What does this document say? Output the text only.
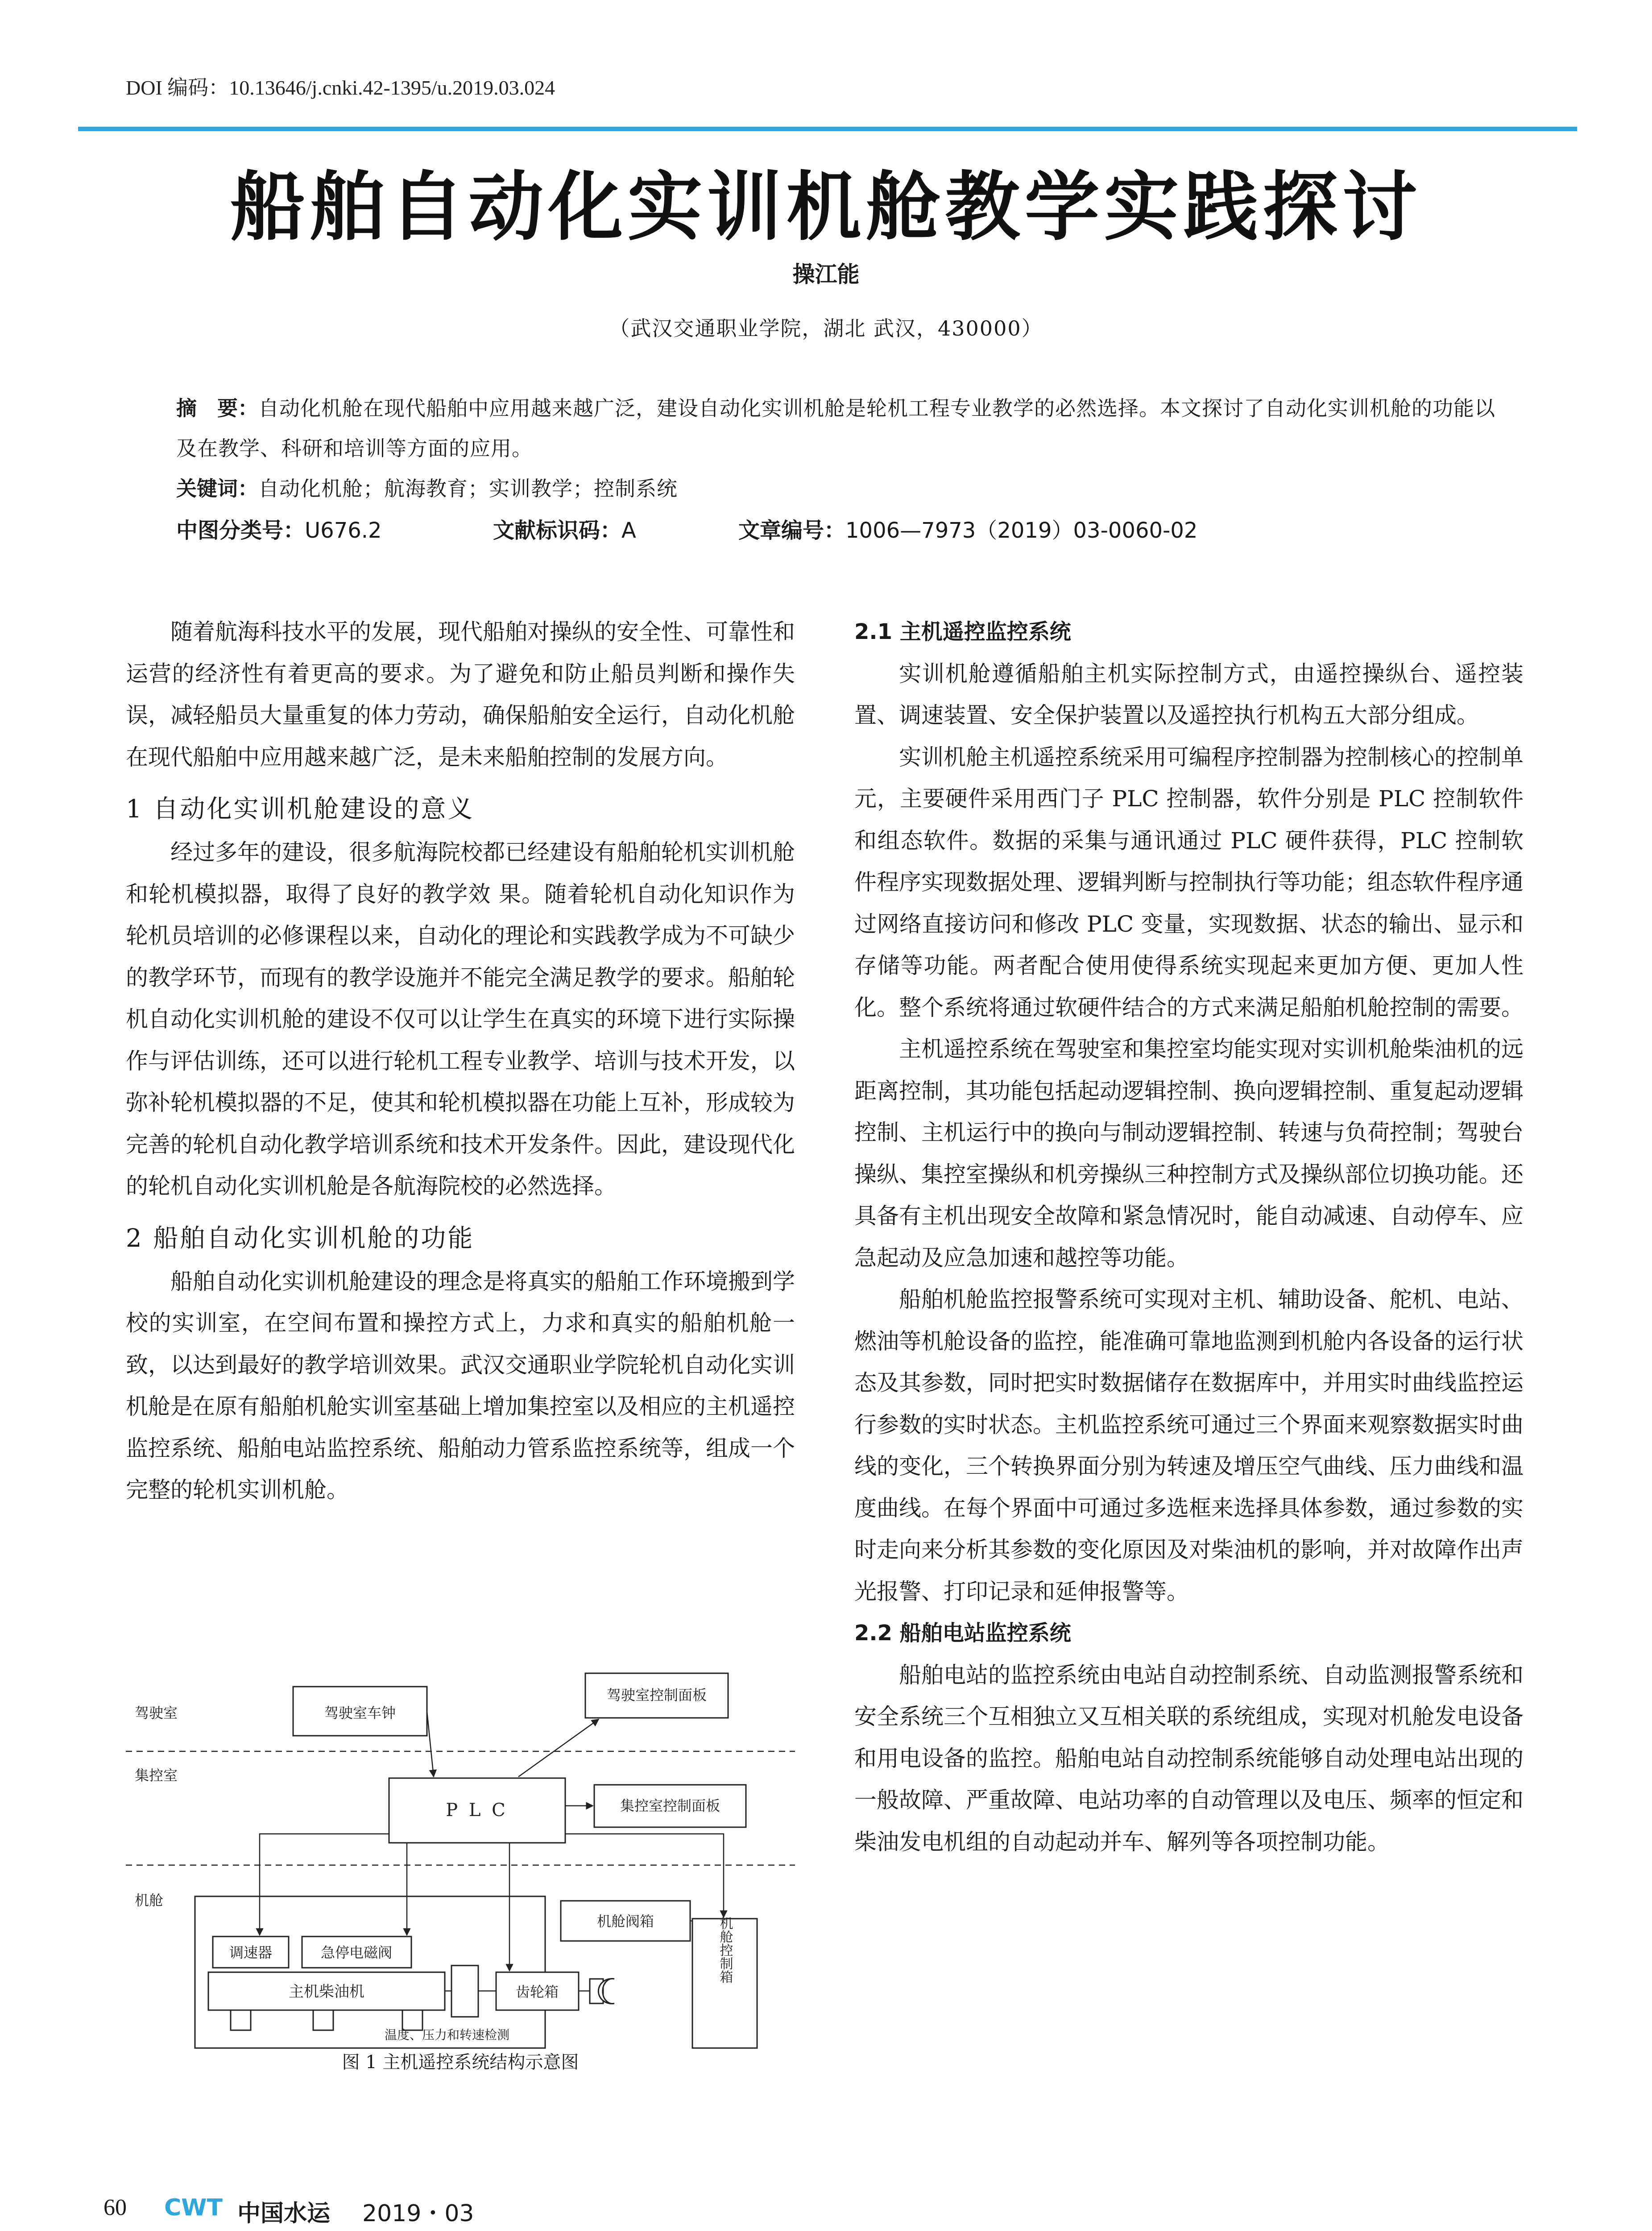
DOI 编码：10.13646/j.cnki.42-1395/u.2019.03.024
船舶自动化实训机舱教学实践探讨
操江能
（武汉交通职业学院，湖北 武汉，430000）
摘　要：自动化机舱在现代船舶中应用越来越广泛，建设自动化实训机舱是轮机工程专业教学的必然选择。本文探讨了自动化实训机舱的功能以及在教学、科研和培训等方面的应用。
关键词：自动化机舱；航海教育；实训教学；控制系统
中图分类号：U676.2	文献标识码：A	文章编号：1006—7973（2019）03-0060-02

随着航海科技水平的发展，现代船舶对操纵的安全性、可靠性和运营的经济性有着更高的要求。为了避免和防止船员判断和操作失误，减轻船员大量重复的体力劳动，确保船舶安全运行，自动化机舱在现代船舶中应用越来越广泛，是未来船舶控制的发展方向。

1 自动化实训机舱建设的意义

经过多年的建设，很多航海院校都已经建设有船舶轮机实训机舱和轮机模拟器，取得了良好的教学效 果。随着轮机自动化知识作为轮机员培训的必修课程以来，自动化的理论和实践教学成为不可缺少的教学环节，而现有的教学设施并不能完全满足教学的要求。船舶轮机自动化实训机舱的建设不仅可以让学生在真实的环境下进行实际操作与评估训练，还可以进行轮机工程专业教学、培训与技术开发，以弥补轮机模拟器的不足，使其和轮机模拟器在功能上互补，形成较为完善的轮机自动化教学培训系统和技术开发条件。因此，建设现代化的轮机自动化实训机舱是各航海院校的必然选择。

2 船舶自动化实训机舱的功能

船舶自动化实训机舱建设的理念是将真实的船舶工作环境搬到学校的实训室，在空间布置和操控方式上，力求和真实的船舶机舱一致，以达到最好的教学培训效果。武汉交通职业学院轮机自动化实训机舱是在原有船舶机舱实训室基础上增加集控室以及相应的主机遥控监控系统、船舶电站监控系统、船舶动力管系监控系统等，组成一个完整的轮机实训机舱。

驾驶室
集控室
机舱
驾驶室车钟
驾驶室控制面板
P L C	集控室控制面板
调速器	急停电磁阀
主机柴油机	齿轮箱
机舱阀箱	机舱控制箱
温度、压力和转速检测
图 1 主机遥控系统结构示意图
2.1 主机遥控监控系统

实训机舱遵循船舶主机实际控制方式，由遥控操纵台、遥控装置、调速装置、安全保护装置以及遥控执行机构五大部分组成。

实训机舱主机遥控系统采用可编程序控制器为控制核心的控制单元，主要硬件采用西门子 PLC 控制器，软件分别是 PLC 控制软件和组态软件。数据的采集与通讯通过 PLC 硬件获得，PLC 控制软件程序实现数据处理、逻辑判断与控制执行等功能；组态软件程序通过网络直接访问和修改 PLC 变量，实现数据、状态的输出、显示和存储等功能。两者配合使用使得系统实现起来更加方便、更加人性化。整个系统将通过软硬件结合的方式来满足船舶机舱控制的需要。

主机遥控系统在驾驶室和集控室均能实现对实训机舱柴油机的远距离控制，其功能包括起动逻辑控制、换向逻辑控制、重复起动逻辑控制、主机运行中的换向与制动逻辑控制、转速与负荷控制；驾驶台操纵、集控室操纵和机旁操纵三种控制方式及操纵部位切换功能。还具备有主机出现安全故障和紧急情况时，能自动减速、自动停车、应急起动及应急加速和越控等功能。

船舶机舱监控报警系统可实现对主机、辅助设备、舵机、电站、燃油等机舱设备的监控，能准确可靠地监测到机舱内各设备的运行状态及其参数，同时把实时数据储存在数据库中，并用实时曲线监控运行参数的实时状态。主机监控系统可通过三个界面来观察数据实时曲线的变化，三个转换界面分别为转速及增压空气曲线、压力曲线和温度曲线。在每个界面中可通过多选框来选择具体参数，通过参数的实时走向来分析其参数的变化原因及对柴油机的影响，并对故障作出声光报警、打印记录和延伸报警等。

2.2 船舶电站监控系统

船舶电站的监控系统由电站自动控制系统、自动监测报警系统和安全系统三个互相独立又互相关联的系统组成，实现对机舱发电设备和用电设备的监控。船舶电站自动控制系统能够自动处理电站出现的一般故障、严重故障、电站功率的自动管理以及电压、频率的恒定和柴油发电机组的自动起动并车、解列等各项控制功能。

60 CWT 中国水运 2019・03
